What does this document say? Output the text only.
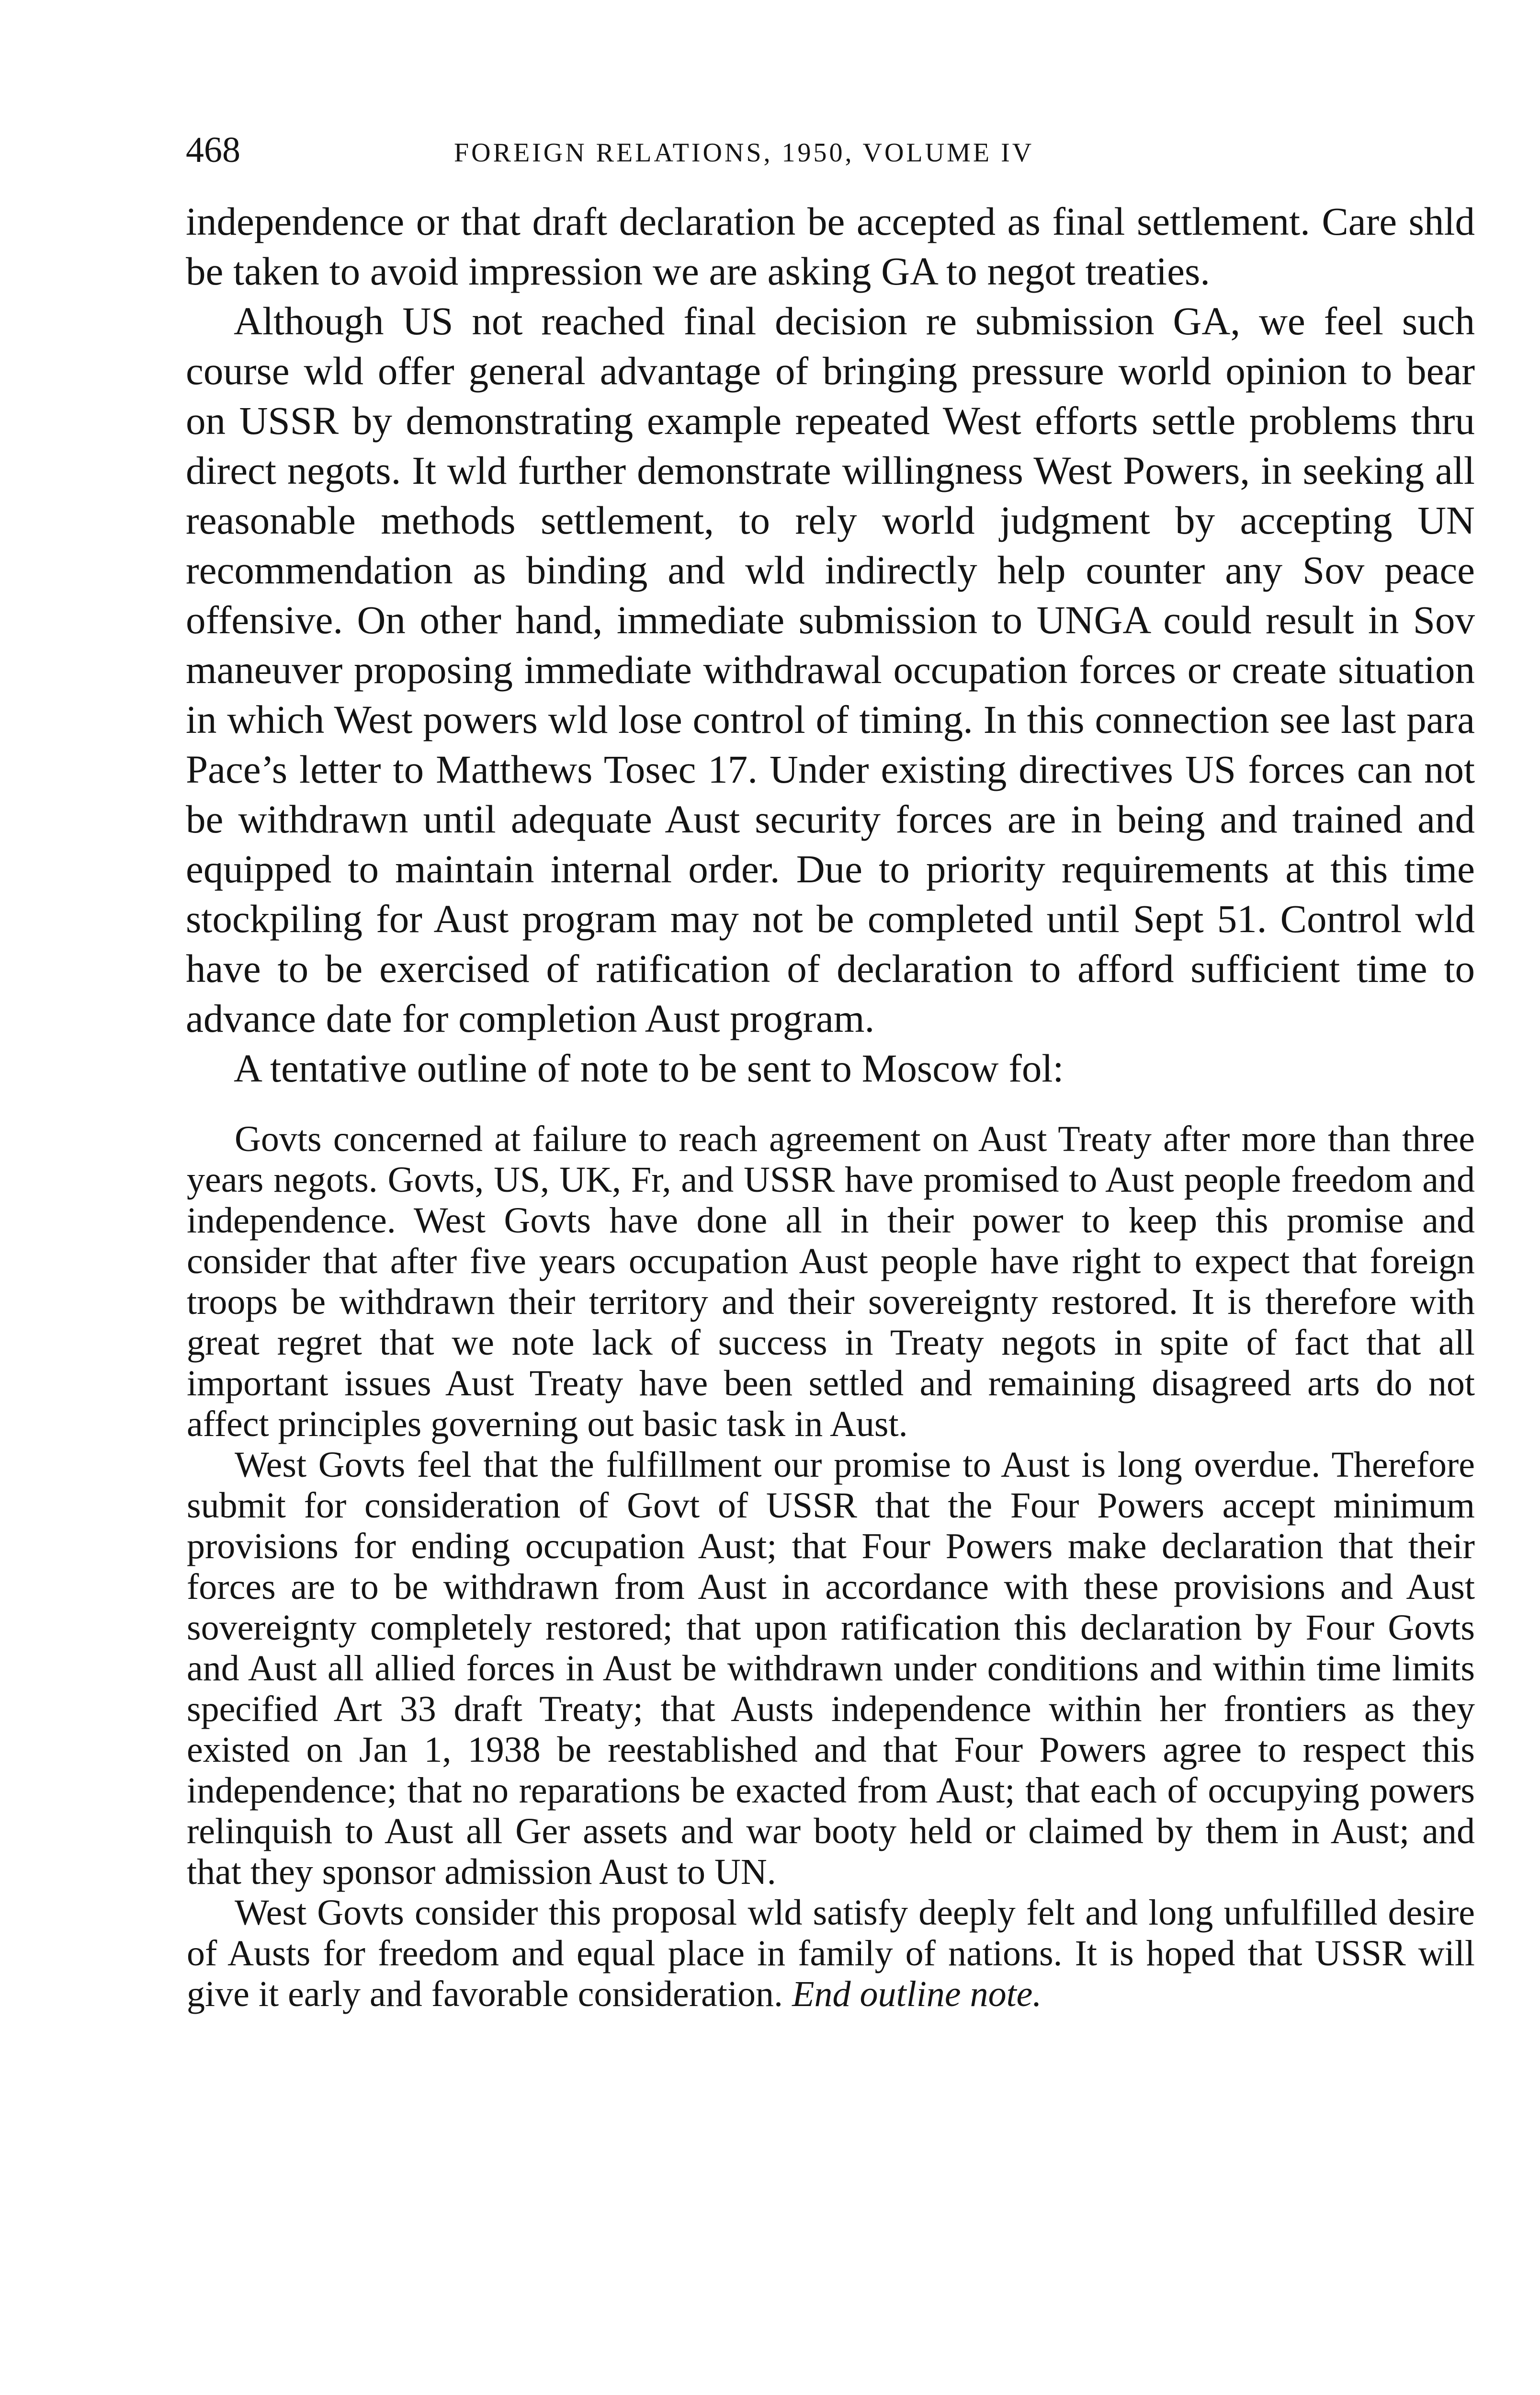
468	FOREIGN RELATIONS, 1950, VOLUME IV

independence or that draft declaration be accepted as final settlement. Care shld be taken to avoid impression we are asking GA to negot treaties.

Although US not reached final decision re submission GA, we feel such course wld offer general advantage of bringing pressure world opinion to bear on USSR by demonstrating example repeated West efforts settle problems thru direct negots. It wld further demonstrate willingness West Powers, in seeking all reasonable methods settlement, to rely world judgment by accepting UN recommendation as binding and wld indirectly help counter any Sov peace offensive. On other hand, immediate submission to UNGA could result in Sov maneuver proposing immediate withdrawal occupation forces or create situation in which West powers wld lose control of timing. In this connection see last para Pace’s letter to Matthews Tosec 17. Under existing directives US forces can not be withdrawn until adequate Aust security forces are in being and trained and equipped to maintain internal order. Due to priority requirements at this time stockpiling for Aust program may not be completed until Sept 51. Control wld have to be exercised of ratification of declaration to afford sufficient time to advance date for completion Aust program.

A tentative outline of note to be sent to Moscow fol:

Govts concerned at failure to reach agreement on Aust Treaty after more than three years negots. Govts, US, UK, Fr, and USSR have promised to Aust people freedom and independence. West Govts have done all in their power to keep this promise and consider that after five years occupation Aust people have right to expect that foreign troops be withdrawn their territory and their sovereignty restored. It is therefore with great regret that we note lack of success in Treaty negots in spite of fact that all important issues Aust Treaty have been settled and remaining disagreed arts do not affect principles governing out basic task in Aust.

West Govts feel that the fulfillment our promise to Aust is long overdue. Therefore submit for consideration of Govt of USSR that the Four Powers accept minimum provisions for ending occupation Aust; that Four Powers make declaration that their forces are to be withdrawn from Aust in accordance with these provisions and Aust sovereignty completely restored; that upon ratification this declaration by Four Govts and Aust all allied forces in Aust be withdrawn under conditions and within time limits specified Art 33 draft Treaty; that Austs independence within her frontiers as they existed on Jan 1, 1938 be reestablished and that Four Powers agree to respect this independence; that no reparations be exacted from Aust; that each of occupying powers relinquish to Aust all Ger assets and war booty held or claimed by them in Aust; and that they sponsor admission Aust to UN.

West Govts consider this proposal wld satisfy deeply felt and long unfulfilled desire of Austs for freedom and equal place in family of nations. It is hoped that USSR will give it early and favorable consideration. End outline note.
